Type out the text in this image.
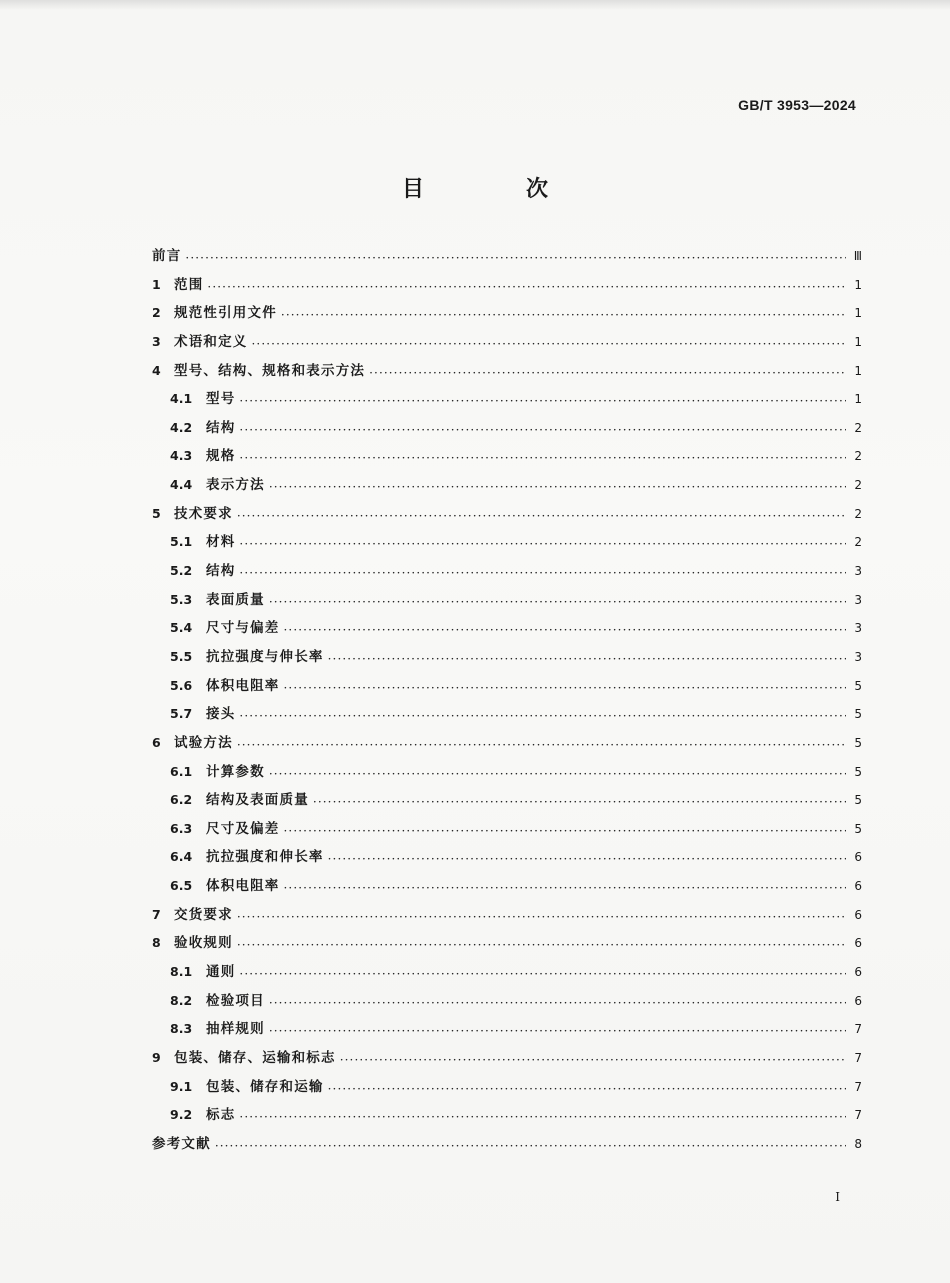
GB/T 3953—2024
目　次
前言 ·····	Ⅲ
1 范围 ·····	1
2 规范性引用文件 ·····	1
3 术语和定义 ·····	1
4 型号、结构、规格和表示方法 ·····	1
4.1	型号 ·····	1
4.2	结构 ·····	2
4.3	规格 ·····	2
4.4	表示方法 ·····	2
5 技术要求 ·····	2
5.1	材料 ·····	2
5.2	结构 ·····	3
5.3	表面质量 ·····	3
5.4	尺寸与偏差 ·····	3
5.5	抗拉强度与伸长率 ·····	3
5.6	体积电阻率 ·····	5
5.7	接头 ·····	5
6 试验方法 ·····	5
6.1	计算参数 ·····	5
6.2	结构及表面质量 ·····	5
6.3	尺寸及偏差 ·····	5
6.4	抗拉强度和伸长率 ·····	6
6.5	体积电阻率 ·····	6
7 交货要求 ·····	6
8 验收规则 ·····	6
8.1	通则 ·····	6
8.2	检验项目 ·····	6
8.3	抽样规则 ·····	7
9 包装、储存、运输和标志 ·····	7
9.1	包装、储存和运输 ·····	7
9.2	标志 ·····	7
参考文献 ·····	8
I
